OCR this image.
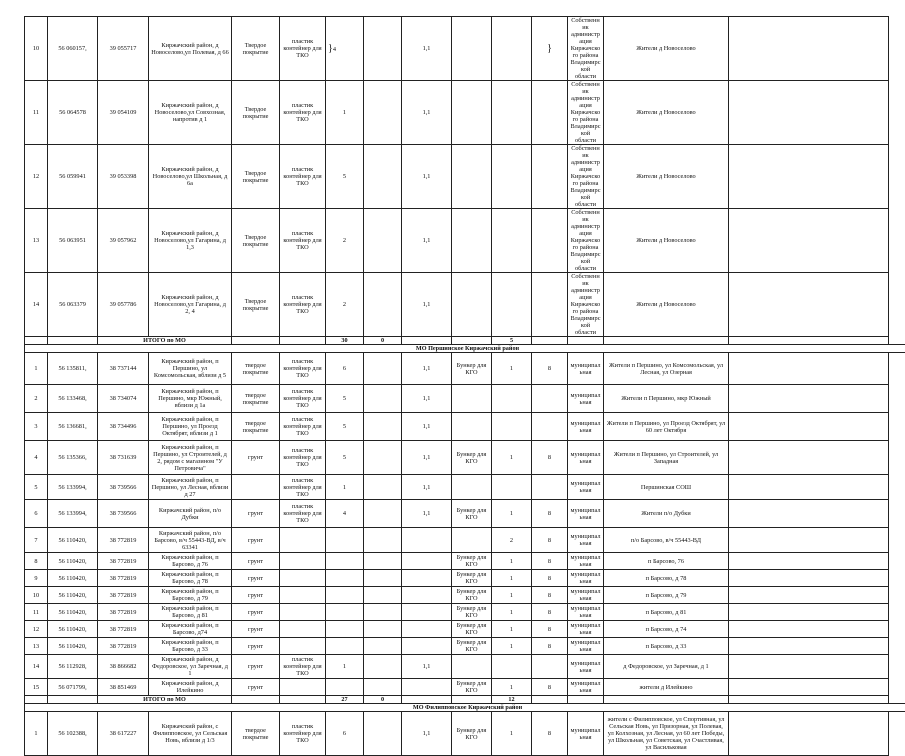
10	56 060157,	39 055717	Киржачский район, д Новоселово,ул Полевая, д 66	Твердое покрытие	пластик контейнер для ТКО	}4		1,1			}	Собственник администрация Киржачского района Владимирской области	Жители д Новоселово	
11	56 064578	39 054109	Киржачский район, д Новоселово,ул Совхозная, напротив д 1	Твердое покрытие	пластик контейнер для ТКО	1		1,1				Собственник администрация Киржачского района Владимирской области	Жители д Новоселово	
12	56 059941	39 053398	Киржачский район, д Новоселово,ул Школьная, д 6а	Твердое покрытие	пластик контейнер для ТКО	5		1,1				Собственник администрация Киржачского района Владимирской области	Жители д Новоселово	
13	56 063951	39 057962	Киржачский район, д Новоселово,ул Гагарина, д 1,3	Твердое покрытие	пластик контейнер для ТКО	2		1,1				Собственник администрация Киржачского района Владимирской области	Жители д Новоселово	
14	56 063379	39 057786	Киржачский район, д Новоселово,ул Гагарина, д 2, 4	Твердое покрытие	пластик контейнер для ТКО	2		1,1				Собственник администрация Киржачского района Владимирской области	Жители д Новоселово	
		ИТОГО по МО				30	0			5				
МО Першинское Киржачский район														
1	56 135811,	38 737144	Киржачский район, п Першино, ул Комсомольская, вблизи д 5	твердое покрытие	пластик контейнер для ТКО	6		1,1	Бункер для КГО	1	8	муниципальная	Жители п Першино, ул Комсомольская, ул Лесная, ул Озерная	
2	56 133468,	38 734074	Киржачский район, п Першино, мкр Южный, вблизи д 1а	твердое покрытие	пластик контейнер для ТКО	5		1,1				муниципальная	Жители п Першино, мкр Южный	
3	56 136681,	38 734496	Киржачский район, п Першино, ул Проезд Октябрят, вблизи д 1	твердое покрытие	пластик контейнер для ТКО	5		1,1				муниципальная	Жители п Першино, ул Проезд Октябрят, ул 60 лет Октября	
4	56 135366,	38 731639	Киржачский район, п Першино, ул Строителей, д 2, рядом с магазином "У Петровича"	грунт	пластик контейнер для ТКО	5		1,1	Бункер для КГО	1	8	муниципальная	Жители п Першино, ул Строителей, ул Западная	
5	56 133994,	38 739566	Киржачский район, п Першино, ул Лесная, вблизи д 27		пластик контейнер для ТКО	1		1,1				муниципальная	Першинская СОШ	
6	56 133994,	38 739566	Киржачский район, п/о Дубки	грунт	пластик контейнер для ТКО	4		1,1	Бункер для КГО	1	8	муниципальная	Жители п/о Дубки	
7	56 110420,	38 772819	Киржачский район, п/о Барсово, в/ч 55443-ВД, в/ч 63341	грунт						2	8	муниципальная	п/о Барсово, в/ч 55443-ВД	
8	56 110420,	38 772819	Киржачский район, п Барсово, д 76	грунт					Бункер для КГО	1	8	муниципальная	п Барсово, 76	
9	56 110420,	38 772819	Киржачский район, п Барсово, д 78	грунт					Бункер для КГО	1	8	муниципальная	п Барсово, д 78	
10	56 110420,	38 772819	Киржачский район, п Барсово, д 79	грунт					Бункер для КГО	1	8	муниципальная	п Барсово, д 79	
11	56 110420,	38 772819	Киржачский район, п Барсово, д 81	грунт					Бункер для КГО	1	8	муниципальная	п Барсово, д 81	
12	56 110420,	38 772819	Киржачский район, п Барсово, д74	грунт					Бункер для КГО	1	8	муниципальная	п Барсово, д 74	
13	56 110420,	38 772819	Киржачский район, п Барсово, д 33	грунт					Бункер для КГО	1	8	муниципальная	п Барсово, д 33	
14	56 112928,	38 866682	Киржачский район, д Федоровское, ул Заречная, д 1	грунт	пластик контейнер для ТКО	1		1,1				муниципальная	д Федоровское, ул Заречная, д 1	
15	56 071799,	38 851469	Киржачский район, д Илейкино	грунт					Бункер для КГО	1	8	муниципальная	жители д Илейкино	
		ИТОГО по МО				27	0			12				
МО Филипповское Киржачский район														
1	56 102388,	38 617227	Киржачский район, с Филипповское, ул Сельская Новь, вблизи д 1/3	твердое покрытие	пластик контейнер для ТКО	6		1,1	Бункер для КГО	1	8	муниципальная	жители с Филипповское, ул Спортивная, ул Сельская Новь, ул Призорная, ул Полевая, ул Колхозная, ул Лесная, ул 60 лет Победы, ул Школьная, ул Советская, ул Счастливая, ул Васильковая	
